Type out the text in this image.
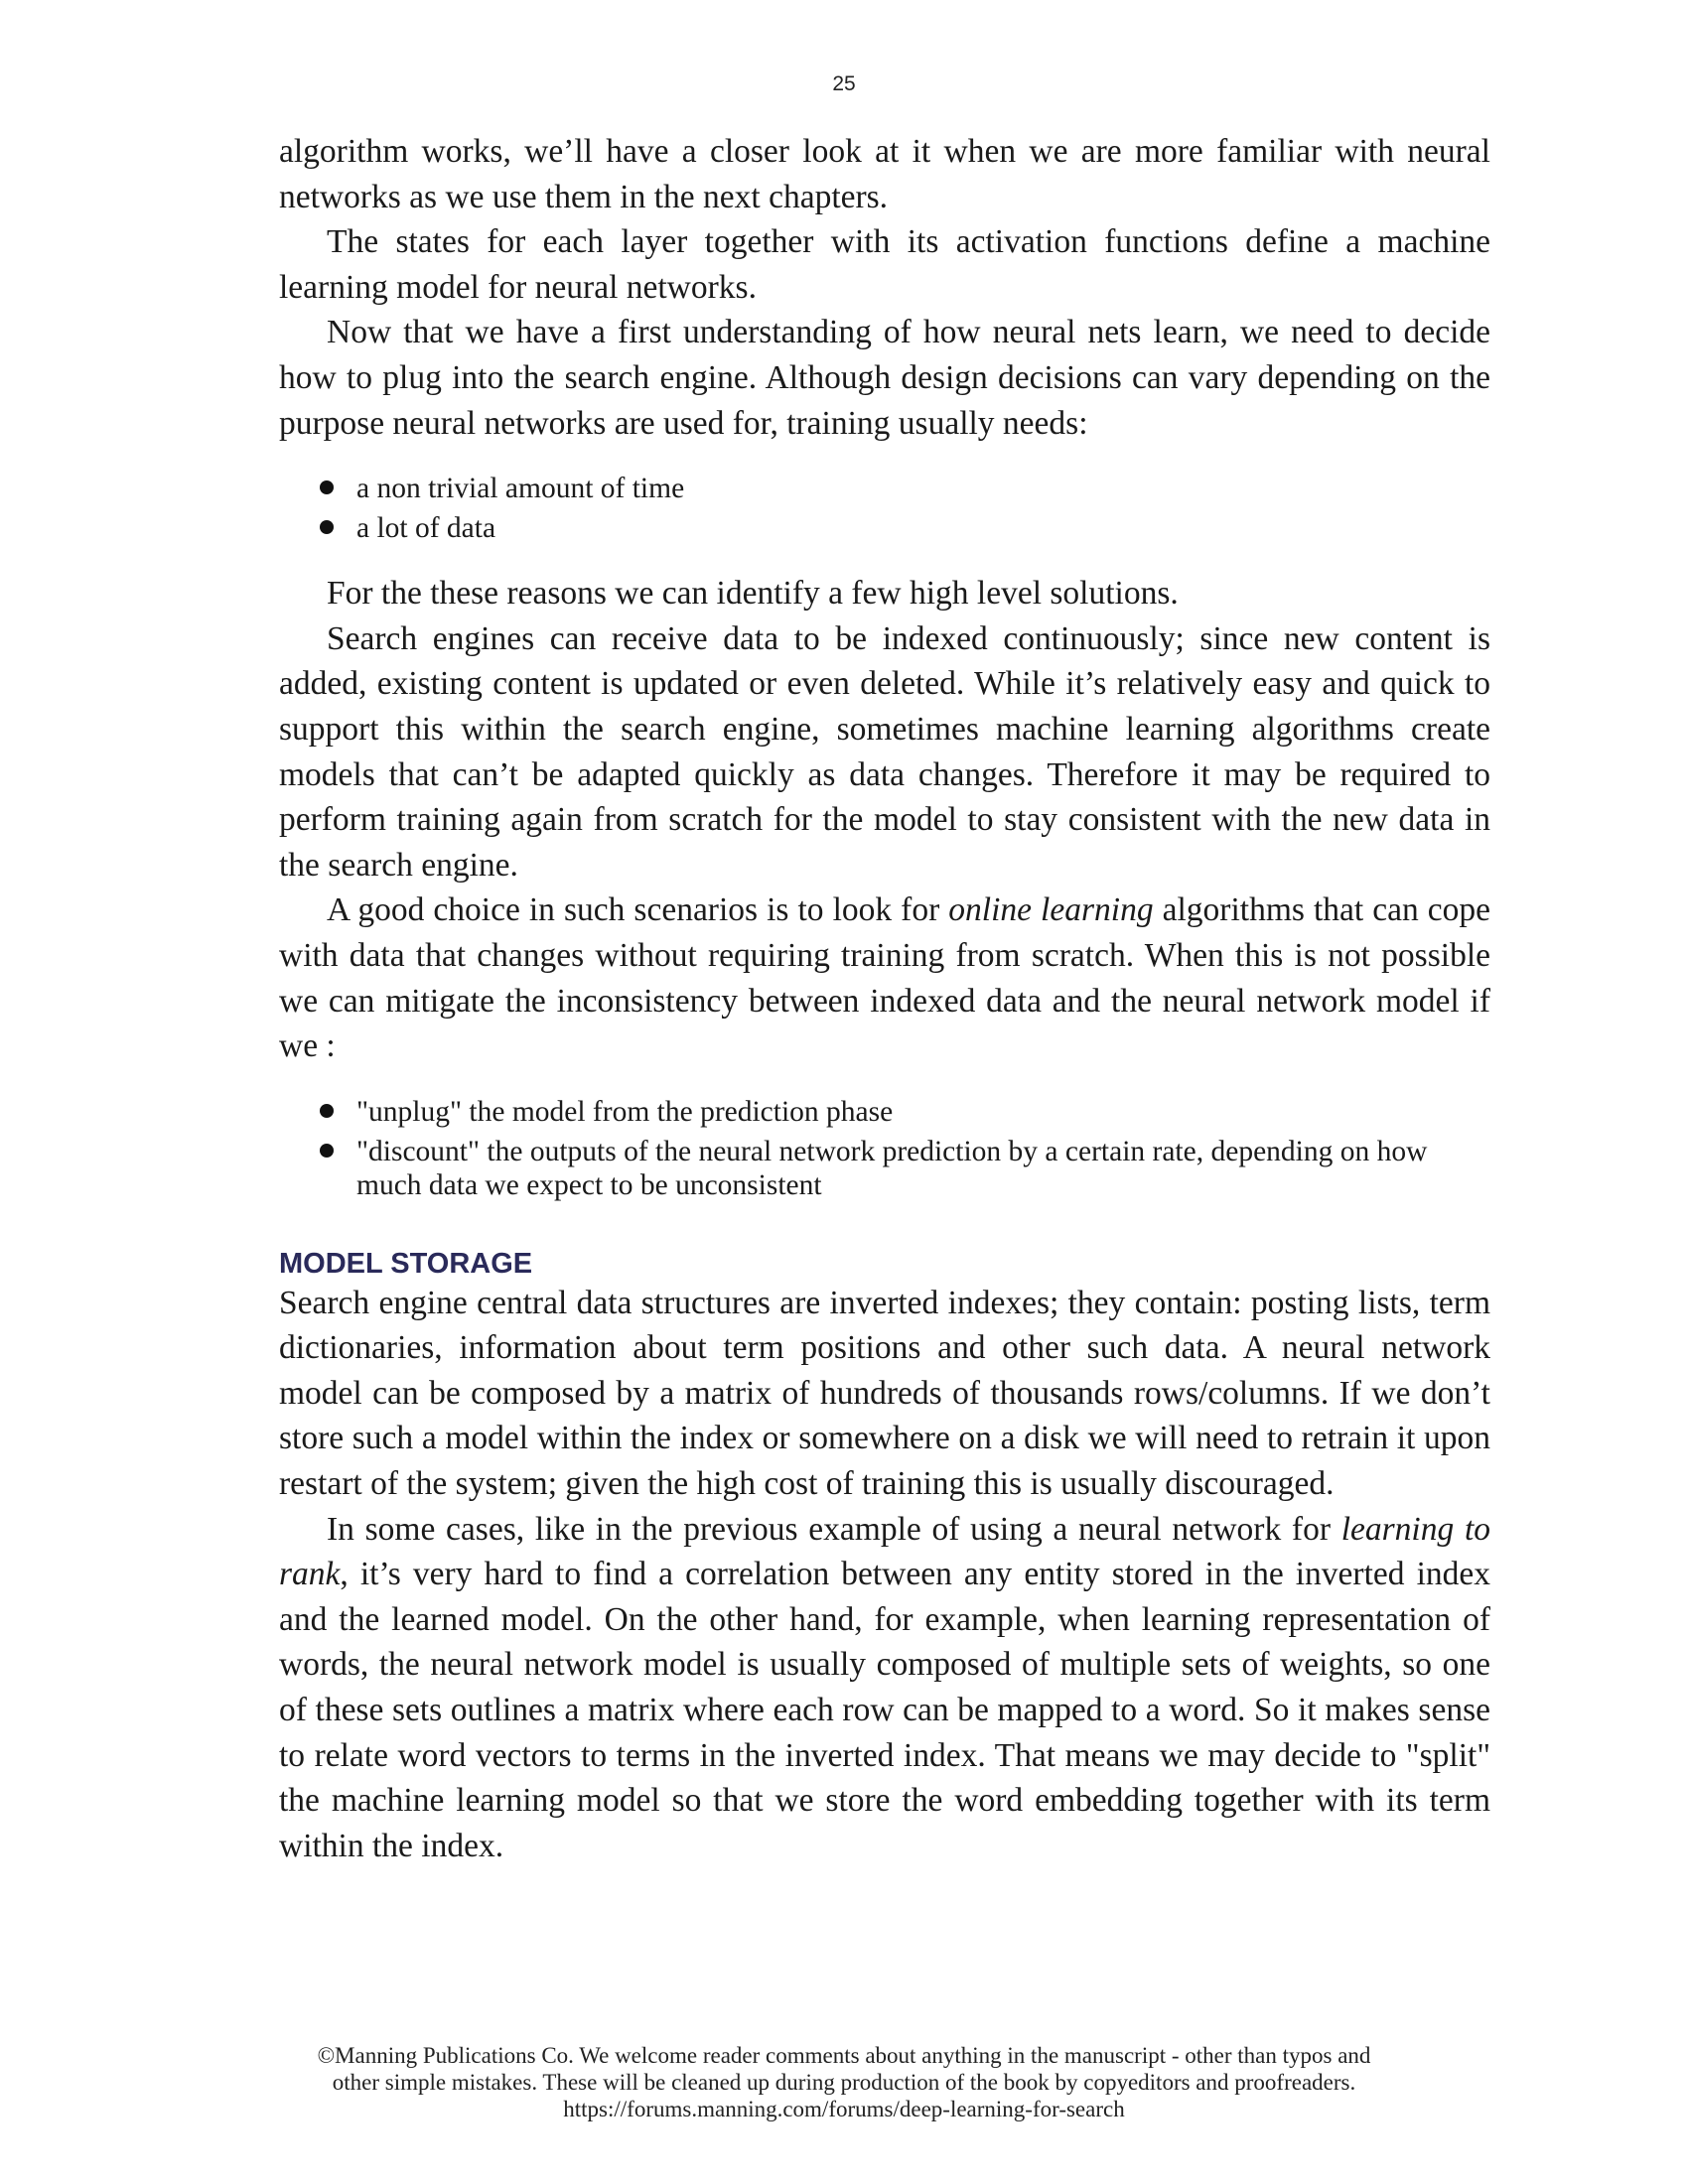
25

algorithm works, we’ll have a closer look at it when we are more familiar with neural networks as we use them in the next chapters.

The states for each layer together with its activation functions define a machine learning model for neural networks.

Now that we have a first understanding of how neural nets learn, we need to decide how to plug into the search engine. Although design decisions can vary depending on the purpose neural networks are used for, training usually needs:

a non trivial amount of time
a lot of data

For the these reasons we can identify a few high level solutions.

Search engines can receive data to be indexed continuously; since new content is added, existing content is updated or even deleted. While it’s relatively easy and quick to support this within the search engine, sometimes machine learning algorithms create models that can’t be adapted quickly as data changes. Therefore it may be required to perform training again from scratch for the model to stay consistent with the new data in the search engine.

A good choice in such scenarios is to look for online learning algorithms that can cope with data that changes without requiring training from scratch. When this is not possible we can mitigate the inconsistency between indexed data and the neural network model if we :

"unplug" the model from the prediction phase
"discount" the outputs of the neural network prediction by a certain rate, depending on how much data we expect to be unconsistent
MODEL STORAGE

Search engine central data structures are inverted indexes; they contain: posting lists, term dictionaries, information about term positions and other such data. A neural network model can be composed by a matrix of hundreds of thousands rows/columns. If we don’t store such a model within the index or somewhere on a disk we will need to retrain it upon restart of the system; given the high cost of training this is usually discouraged.

In some cases, like in the previous example of using a neural network for learning to rank, it’s very hard to find a correlation between any entity stored in the inverted index and the learned model. On the other hand, for example, when learning representation of words, the neural network model is usually composed of multiple sets of weights, so one of these sets outlines a matrix where each row can be mapped to a word. So it makes sense to relate word vectors to terms in the inverted index. That means we may decide to "split" the machine learning model so that we store the word embedding together with its term within the index.

©Manning Publications Co. We welcome reader comments about anything in the manuscript - other than typos and
other simple mistakes. These will be cleaned up during production of the book by copyeditors and proofreaders.
https://forums.manning.com/forums/deep-learning-for-search
